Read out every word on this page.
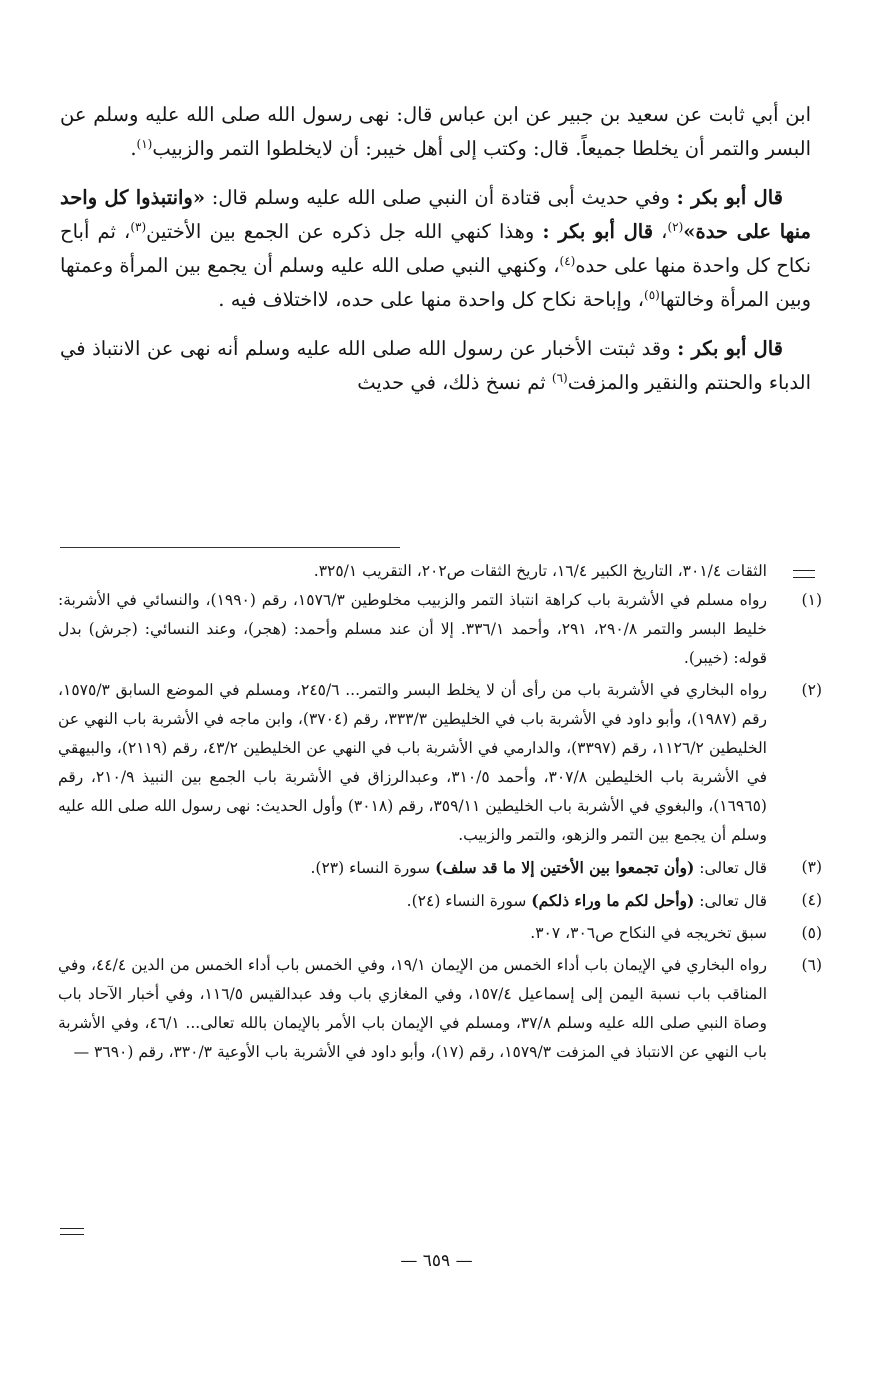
ابن أبي ثابت عن سعيد بن جبير عن ابن عباس قال: نهى رسول الله صلى الله عليه وسلم عن البسر والتمر أن يخلطا جميعاً. قال: وكتب إلى أهل خيبر: أن لايخلطوا التمر والزبيب$^{(١)}$.

قال أبو بكر : وفي حديث أبى قتادة أن النبي صلى الله عليه وسلم قال: «وانتبذوا كل واحد منها على حدة»$^{(٢)}$، قال أبو بكر : وهذا كنهي الله جل ذكره عن الجمع بين الأختين$^{(٣)}$، ثم أباح نكاح كل واحدة منها على حده$^{(٤)}$، وكنهي النبي صلى الله عليه وسلم أن يجمع بين المرأة وعمتها وبين المرأة وخالتها$^{(٥)}$، وإباحة نكاح كل واحدة منها على حده، لااختلاف فيه .

قال أبو بكر : وقد ثبتت الأخبار عن رسول الله صلى الله عليه وسلم أنه نهى عن الانتباذ في الدباء والحنتم والنقير والمزفت$^{(٦)}$ ثم نسخ ذلك، في حديث

الثقات ٣٠١/٤، التاريخ الكبير ١٦/٤، تاريخ الثقات ص٢٠٢، التقريب ٣٢٥/١.
(١)
رواه مسلم في الأشربة باب كراهة انتباذ التمر والزبيب مخلوطين ١٥٧٦/٣، رقم (١٩٩٠)، والنسائي في الأشربة: خليط البسر والتمر ٢٩٠/٨، ٢٩١، وأحمد ٣٣٦/١. إلا أن عند مسلم وأحمد: (هجر)، وعند النسائي: (جرش) بدل قوله: (خيبر).
(٢)
رواه البخاري في الأشربة باب من رأى أن لا يخلط البسر والتمر... ٢٤٥/٦، ومسلم في الموضع السابق ١٥٧٥/٣، رقم (١٩٨٧)، وأبو داود في الأشربة باب في الخليطين ٣٣٣/٣، رقم (٣٧٠٤)، وابن ماجه في الأشربة باب النهي عن الخليطين ١١٢٦/٢، رقم (٣٣٩٧)، والدارمي في الأشربة باب في النهي عن الخليطين ٤٣/٢، رقم (٢١١٩)، والبيهقي في الأشربة باب الخليطين ٣٠٧/٨، وأحمد ٣١٠/٥، وعبدالرزاق في الأشربة باب الجمع بين النبيذ ٢١٠/٩، رقم (١٦٩٦٥)، والبغوي في الأشربة باب الخليطين ٣٥٩/١١، رقم (٣٠١٨) وأول الحديث: نهى رسول الله صلى الله عليه وسلم أن يجمع بين التمر والزهو، والتمر والزبيب.
(٣)
قال تعالى: (وأن تجمعوا بين الأختين إلا ما قد سلف) سورة النساء (٢٣).
(٤)
قال تعالى: (وأحل لكم ما وراء ذلكم) سورة النساء (٢٤).
(٥)
سبق تخريجه في النكاح ص٣٠٦، ٣٠٧.
(٦)
رواه البخاري في الإيمان باب أداء الخمس من الإيمان ١٩/١، وفي الخمس باب أداء الخمس من الدين ٤٤/٤، وفي المناقب باب نسبة اليمن إلى إسماعيل ١٥٧/٤، وفي المغازي باب وفد عبدالقيس ١١٦/٥، وفي أخبار الآحاد باب وصاة النبي صلى الله عليه وسلم ٣٧/٨، ومسلم في الإيمان باب الأمر بالإيمان بالله تعالى... ٤٦/١، وفي الأشربة باب النهي عن الانتباذ في المزفت ١٥٧٩/٣، رقم (١٧)، وأبو داود في الأشربة باب الأوعية ٣٣٠/٣، رقم (٣٦٩٠ —
— ٦٥٩ —
